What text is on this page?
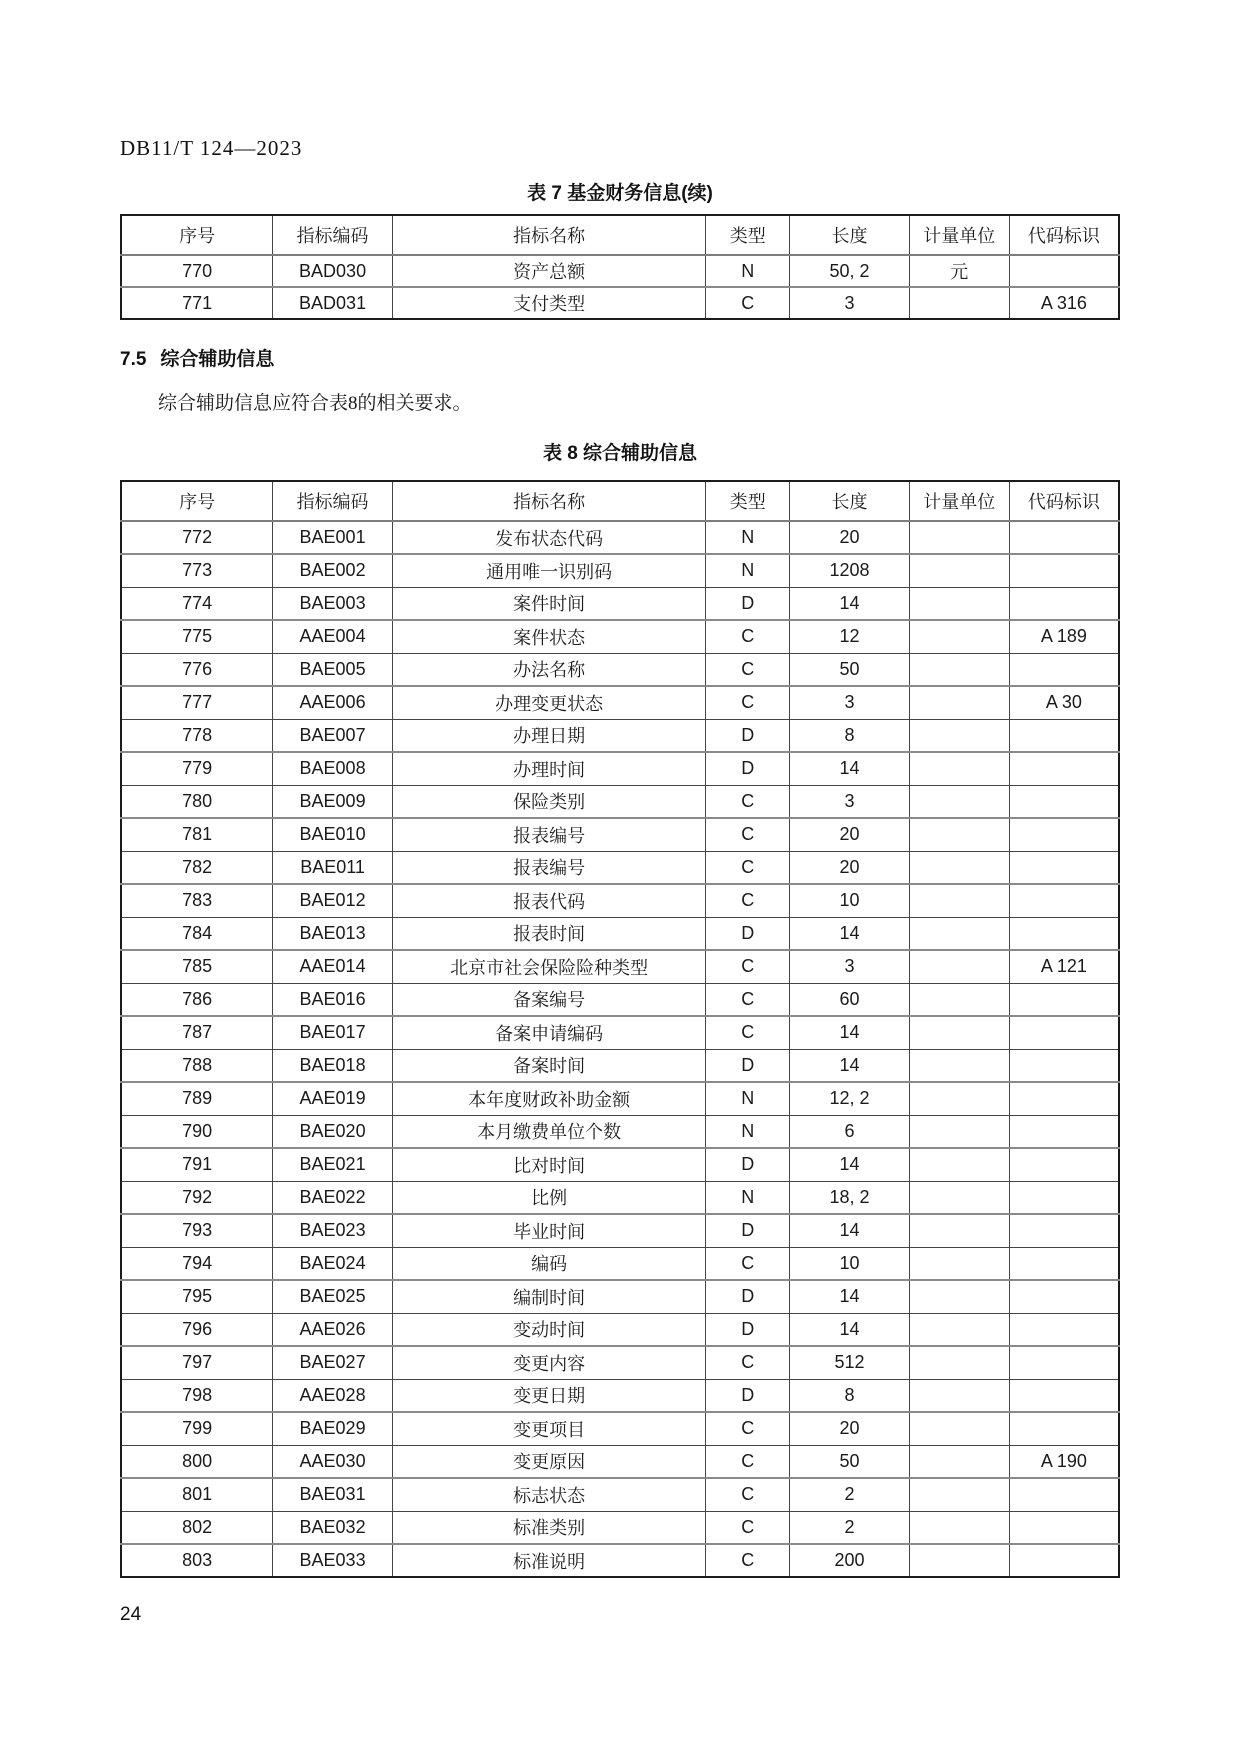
DB11/T 124—2023
表 7 基金财务信息(续)
序号	指标编码	指标名称	类型	长度	计量单位	代码标识
770	BAD030	资产总额	N	50, 2	元	
771	BAD031	支付类型	C	3		A 316
7.5 综合辅助信息
综合辅助信息应符合表8的相关要求。
表 8 综合辅助信息
序号	指标编码	指标名称	类型	长度	计量单位	代码标识
772	BAE001	发布状态代码	N	20		
773	BAE002	通用唯一识别码	N	1208		
774	BAE003	案件时间	D	14		
775	AAE004	案件状态	C	12		A 189
776	BAE005	办法名称	C	50		
777	AAE006	办理变更状态	C	3		A 30
778	BAE007	办理日期	D	8		
779	BAE008	办理时间	D	14		
780	BAE009	保险类别	C	3		
781	BAE010	报表编号	C	20		
782	BAE011	报表编号	C	20		
783	BAE012	报表代码	C	10		
784	BAE013	报表时间	D	14		
785	AAE014	北京市社会保险险种类型	C	3		A 121
786	BAE016	备案编号	C	60		
787	BAE017	备案申请编码	C	14		
788	BAE018	备案时间	D	14		
789	AAE019	本年度财政补助金额	N	12, 2		
790	BAE020	本月缴费单位个数	N	6		
791	BAE021	比对时间	D	14		
792	BAE022	比例	N	18, 2		
793	BAE023	毕业时间	D	14		
794	BAE024	编码	C	10		
795	BAE025	编制时间	D	14		
796	AAE026	变动时间	D	14		
797	BAE027	变更内容	C	512		
798	AAE028	变更日期	D	8		
799	BAE029	变更项目	C	20		
800	AAE030	变更原因	C	50		A 190
801	BAE031	标志状态	C	2		
802	BAE032	标准类别	C	2		
803	BAE033	标准说明	C	200		
24
